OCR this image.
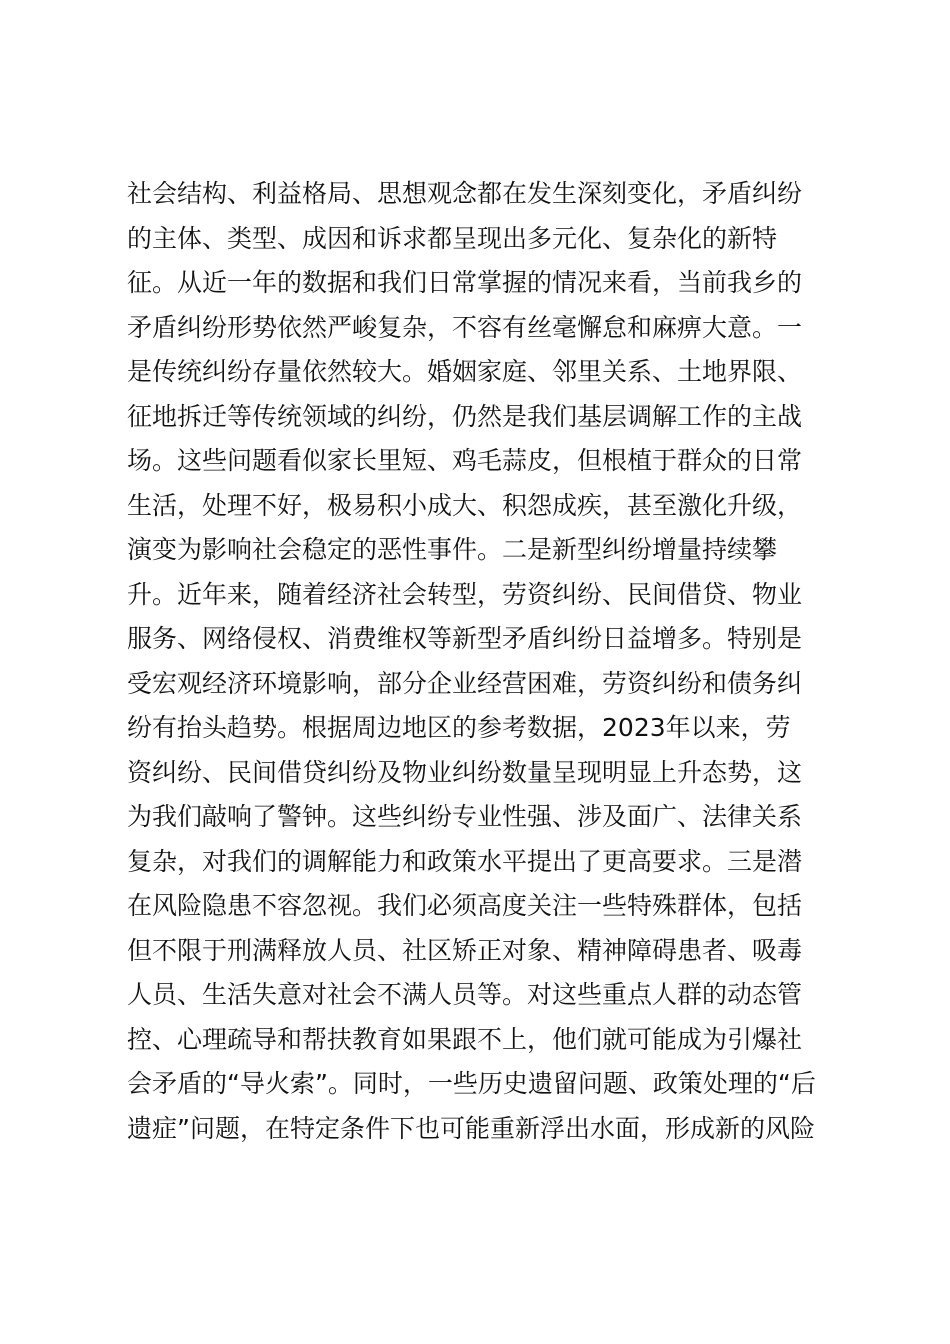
社会结构、利益格局、思想观念都在发生深刻变化，矛盾纠纷
的主体、类型、成因和诉求都呈现出多元化、复杂化的新特
征。从近一年的数据和我们日常掌握的情况来看，当前我乡的
矛盾纠纷形势依然严峻复杂，不容有丝毫懈怠和麻痹大意。一
是传统纠纷存量依然较大。婚姻家庭、邻里关系、土地界限、
征地拆迁等传统领域的纠纷，仍然是我们基层调解工作的主战
场。这些问题看似家长里短、鸡毛蒜皮，但根植于群众的日常
生活，处理不好，极易积小成大、积怨成疾，甚至激化升级，
演变为影响社会稳定的恶性事件。二是新型纠纷增量持续攀
升。近年来，随着经济社会转型，劳资纠纷、民间借贷、物业
服务、网络侵权、消费维权等新型矛盾纠纷日益增多。特别是
受宏观经济环境影响，部分企业经营困难，劳资纠纷和债务纠
纷有抬头趋势。根据周边地区的参考数据，2023年以来，劳
资纠纷、民间借贷纠纷及物业纠纷数量呈现明显上升态势，这
为我们敲响了警钟。这些纠纷专业性强、涉及面广、法律关系
复杂，对我们的调解能力和政策水平提出了更高要求。三是潜
在风险隐患不容忽视。我们必须高度关注一些特殊群体，包括
但不限于刑满释放人员、社区矫正对象、精神障碍患者、吸毒
人员、生活失意对社会不满人员等。对这些重点人群的动态管
控、心理疏导和帮扶教育如果跟不上，他们就可能成为引爆社
会矛盾的“导火索”。同时，一些历史遗留问题、政策处理的“后
遗症”问题，在特定条件下也可能重新浮出水面，形成新的风险
